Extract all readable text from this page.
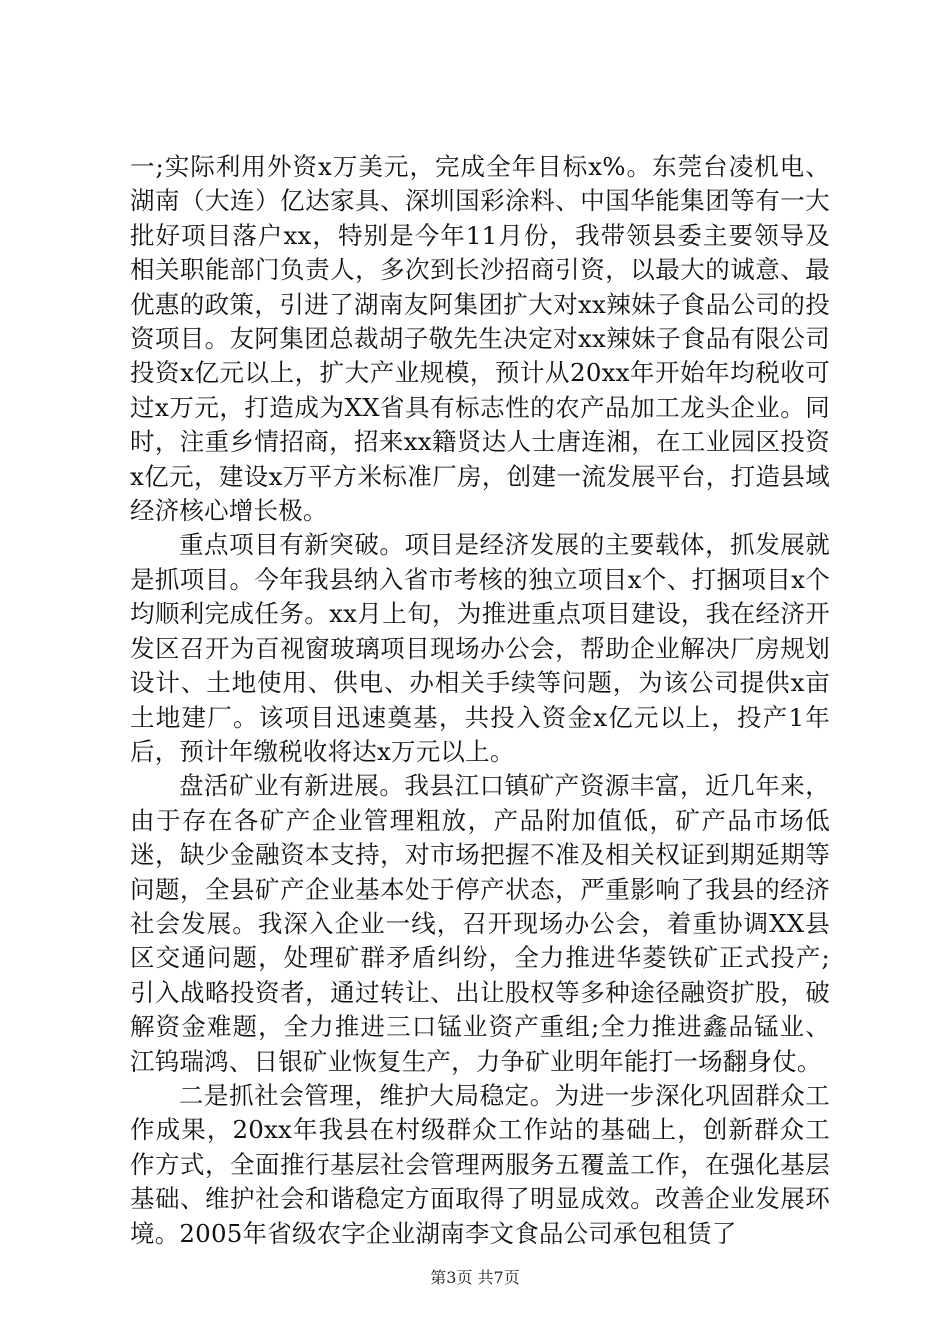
一;实际利用外资x万美元，完成全年目标x%。东莞台凌机电、湖南（大连）亿达家具、深圳国彩涂料、中国华能集团等有一大批好项目落户xx，特别是今年11月份，我带领县委主要领导及相关职能部门负责人，多次到长沙招商引资，以最大的诚意、最优惠的政策，引进了湖南友阿集团扩大对xx辣妹子食品公司的投资项目。友阿集团总裁胡子敬先生决定对xx辣妹子食品有限公司投资x亿元以上，扩大产业规模，预计从20xx年开始年均税收可过x万元，打造成为XX省具有标志性的农产品加工龙头企业。同时，注重乡情招商，招来xx籍贤达人士唐连湘，在工业园区投资x亿元，建设x万平方米标准厂房，创建一流发展平台，打造县域经济核心增长极。

重点项目有新突破。项目是经济发展的主要载体，抓发展就是抓项目。今年我县纳入省市考核的独立项目x个、打捆项目x个均顺利完成任务。xx月上旬，为推进重点项目建设，我在经济开发区召开为百视窗玻璃项目现场办公会，帮助企业解决厂房规划设计、土地使用、供电、办相关手续等问题，为该公司提供x亩土地建厂。该项目迅速奠基，共投入资金x亿元以上，投产1年后，预计年缴税收将达x万元以上。

盘活矿业有新进展。我县江口镇矿产资源丰富，近几年来，由于存在各矿产企业管理粗放，产品附加值低，矿产品市场低迷，缺少金融资本支持，对市场把握不准及相关权证到期延期等问题，全县矿产企业基本处于停产状态，严重影响了我县的经济社会发展。我深入企业一线，召开现场办公会，着重协调XX县区交通问题，处理矿群矛盾纠纷，全力推进华菱铁矿正式投产;引入战略投资者，通过转让、出让股权等多种途径融资扩股，破解资金难题，全力推进三口锰业资产重组;全力推进鑫品锰业、江钨瑞鸿、日银矿业恢复生产，力争矿业明年能打一场翻身仗。

二是抓社会管理，维护大局稳定。为进一步深化巩固群众工作成果，20xx年我县在村级群众工作站的基础上，创新群众工作方式，全面推行基层社会管理两服务五覆盖工作，在强化基层基础、维护社会和谐稳定方面取得了明显成效。改善企业发展环境。2005年省级农字企业湖南李文食品公司承包租赁了

第3页 共7页
